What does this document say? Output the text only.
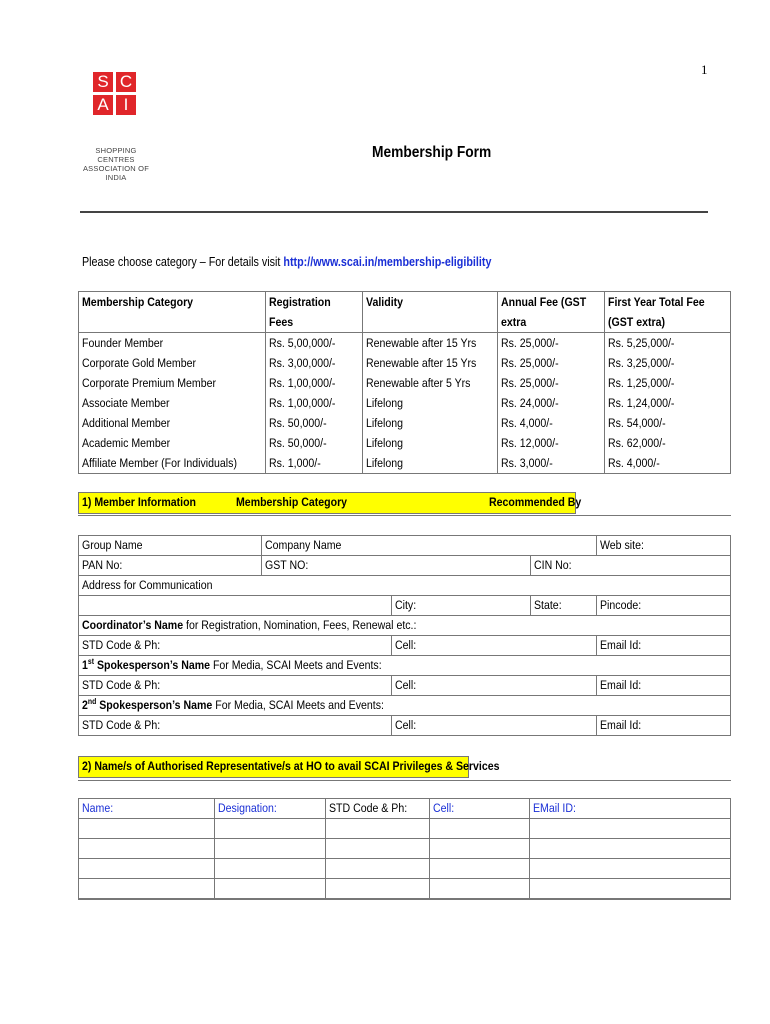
1
S C
A I
SHOPPING CENTRES
ASSOCIATION OF INDIA
Membership Form
Please choose category – For details visit http://www.scai.in/membership-eligibility
Membership Category	Registration Fees	Validity	Annual Fee (GST extra	First Year Total Fee (GST extra)
Founder Member	Rs. 5,00,000/-	Renewable after 15 Yrs	Rs. 25,000/-	Rs. 5,25,000/-
Corporate Gold Member	Rs. 3,00,000/-	Renewable after 15 Yrs	Rs. 25,000/-	Rs. 3,25,000/-
Corporate Premium Member	Rs. 1,00,000/-	Renewable after 5 Yrs	Rs. 25,000/-	Rs. 1,25,000/-
Associate Member	Rs. 1,00,000/-	Lifelong	Rs. 24,000/-	Rs. 1,24,000/-
Additional Member	Rs. 50,000/-	Lifelong	Rs. 4,000/-	Rs. 54,000/-
Academic Member	Rs. 50,000/-	Lifelong	Rs. 12,000/-	Rs. 62,000/-
Affiliate Member (For Individuals)	Rs. 1,000/-	Lifelong	Rs. 3,000/-	Rs. 4,000/-
1) Member Information	Membership Category	Recommended By
Group Name	Company Name			Web site:
PAN No:	GST NO:		CIN No:	
Address for Communication				
		City:	State:	Pincode:
Coordinator’s Name for Registration, Nomination, Fees, Renewal etc.:				
STD Code & Ph:		Cell:		Email Id:
1st Spokesperson’s Name For Media, SCAI Meets and Events:				
STD Code & Ph:		Cell:		Email Id:
2nd Spokesperson’s Name For Media, SCAI Meets and Events:				
STD Code & Ph:		Cell:		Email Id:
2) Name/s of Authorised Representative/s at HO to avail SCAI Privileges & Services
Name:	Designation:	STD Code & Ph:	Cell:	EMail ID:
